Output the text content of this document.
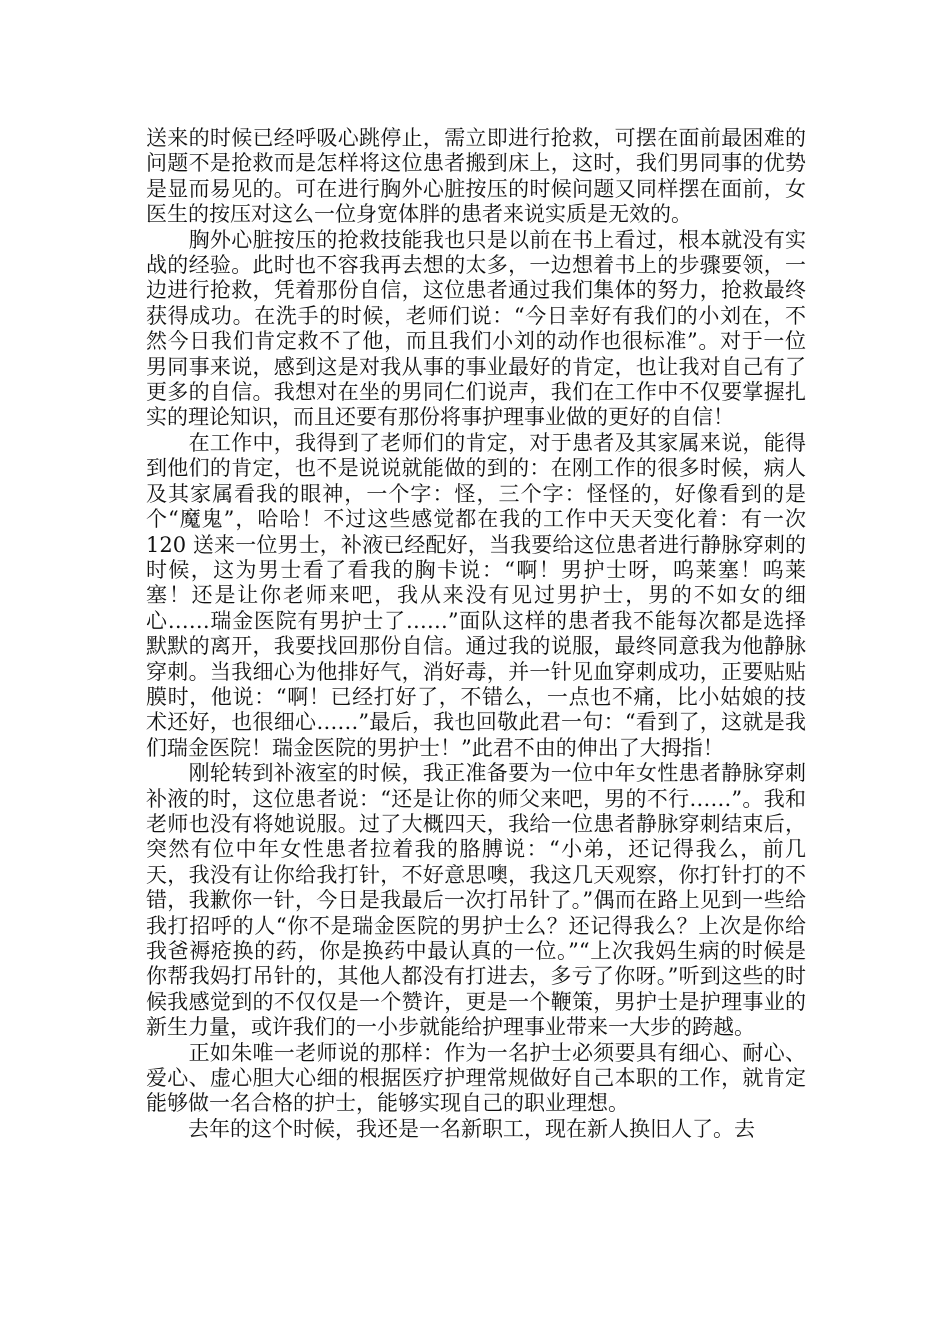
送来的时候已经呼吸心跳停止，需立即进行抢救，可摆在面前最困难的问题不是抢救而是怎样将这位患者搬到床上，这时，我们男同事的优势是显而易见的。可在进行胸外心脏按压的时候问题又同样摆在面前，女医生的按压对这么一位身宽体胖的患者来说实质是无效的。

　　胸外心脏按压的抢救技能我也只是以前在书上看过，根本就没有实战的经验。此时也不容我再去想的太多，一边想着书上的步骤要领，一边进行抢救，凭着那份自信，这位患者通过我们集体的努力，抢救最终获得成功。在洗手的时候，老师们说：“今日幸好有我们的小刘在，不然今日我们肯定救不了他，而且我们小刘的动作也很标准”。对于一位男同事来说，感到这是对我从事的事业最好的肯定，也让我对自己有了更多的自信。我想对在坐的男同仁们说声，我们在工作中不仅要掌握扎实的理论知识，而且还要有那份将事护理事业做的更好的自信！

　　在工作中，我得到了老师们的肯定，对于患者及其家属来说，能得到他们的肯定，也不是说说就能做的到的：在刚工作的很多时候，病人及其家属看我的眼神，一个字：怪，三个字：怪怪的，好像看到的是个“魔鬼”，哈哈！不过这些感觉都在我的工作中天天变化着：有一次 120 送来一位男士，补液已经配好，当我要给这位患者进行静脉穿刺的时候，这为男士看了看我的胸卡说：“啊！男护士呀，呜莱塞！呜莱塞！还是让你老师来吧，我从来没有见过男护士，男的不如女的细心……瑞金医院有男护士了……”面队这样的患者我不能每次都是选择默默的离开，我要找回那份自信。通过我的说服，最终同意我为他静脉穿刺。当我细心为他排好气，消好毒，并一针见血穿刺成功，正要贴贴膜时，他说：“啊！已经打好了，不错么，一点也不痛，比小姑娘的技术还好，也很细心……”最后，我也回敬此君一句：“看到了，这就是我们瑞金医院！瑞金医院的男护士！”此君不由的伸出了大拇指！

　　刚轮转到补液室的时候，我正准备要为一位中年女性患者静脉穿刺补液的时，这位患者说：“还是让你的师父来吧，男的不行……”。我和老师也没有将她说服。过了大概四天，我给一位患者静脉穿刺结束后，突然有位中年女性患者拉着我的胳膊说：“小弟，还记得我么，前几天，我没有让你给我打针，不好意思噢，我这几天观察，你打针打的不错，我歉你一针，今日是我最后一次打吊针了。”偶而在路上见到一些给我打招呼的人“你不是瑞金医院的男护士么？还记得我么？上次是你给我爸褥疮换的药，你是换药中最认真的一位。”“上次我妈生病的时候是你帮我妈打吊针的，其他人都没有打进去，多亏了你呀。”听到这些的时候我感觉到的不仅仅是一个赞许，更是一个鞭策，男护士是护理事业的新生力量，或许我们的一小步就能给护理事业带来一大步的跨越。

　　正如朱唯一老师说的那样：作为一名护士必须要具有细心、耐心、爱心、虚心胆大心细的根据医疗护理常规做好自己本职的工作，就肯定能够做一名合格的护士，能够实现自己的职业理想。

　　去年的这个时候，我还是一名新职工，现在新人换旧人了。去
